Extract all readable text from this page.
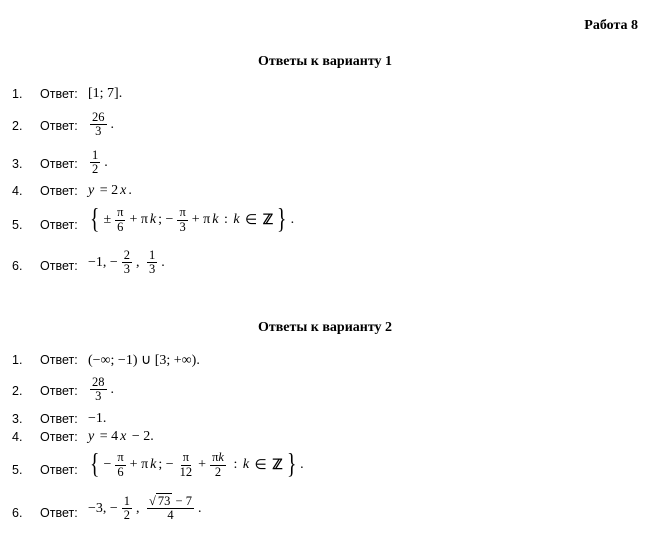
Работа 8
Ответы к варианту 1
1. Ответ: [1; 7].
2. Ответ: $\frac{26}{3}$ .
3. Ответ: $\frac{1}{2}$ .
4. Ответ: y = 2 x .
5. Ответ: { ± $\frac{\pi}{6} + \pi$ k ; − $\frac{\pi}{3} + \pi$ k : k ∈ ℤ } .
6. Ответ: −1, − $\frac{2}{3}$ , $\frac{1}{3}$ .
Ответы к варианту 2
1. Ответ: (−∞; −1) ∪ [3; +∞).
2. Ответ: $\frac{28}{3}$ .
3. Ответ: −1.
4. Ответ: y = 4 x − 2.
5. Ответ: { − $\frac{\pi}{6} + \pi$ k ; − $\frac{\pi}{12} + \frac{\pi k}{2}$ : k ∈ ℤ } .
6. Ответ: −3, − $\frac{1}{2}$ , $\frac{√ 73 - 7}{4}$ .
